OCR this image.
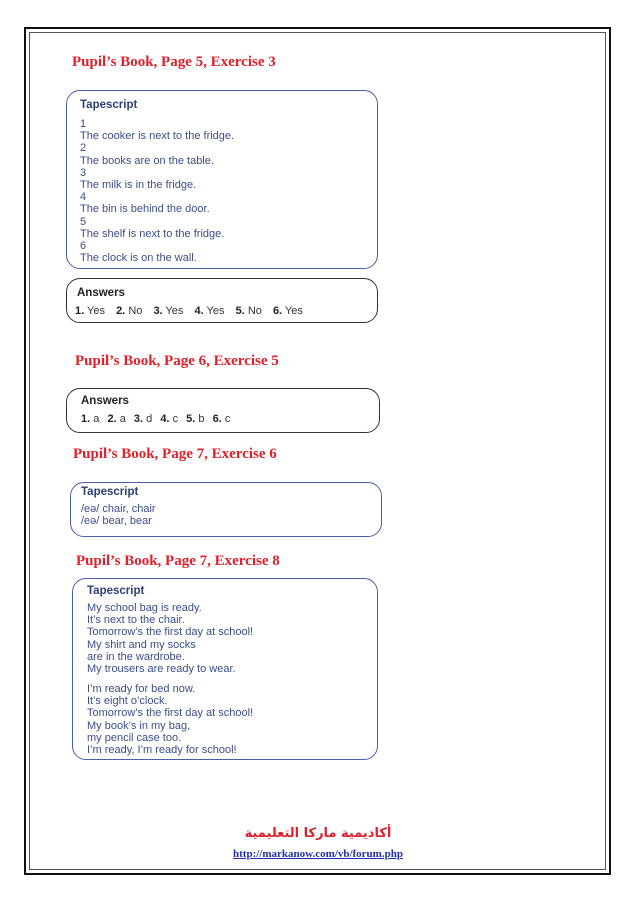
Pupil’s Book, Page 5, Exercise 3
Tapescript
1
The cooker is next to the fridge.
2
The books are on the table.
3
The milk is in the fridge.
4
The bin is behind the door.
5
The shelf is next to the fridge.
6
The clock is on the wall.
Answers
1. Yes 2. No 3. Yes 4. Yes 5. No 6. Yes
Pupil’s Book, Page 6, Exercise 5
Answers
1. a 2. a 3. d 4. c 5. b 6. c
Pupil’s Book, Page 7, Exercise 6
Tapescript
/eə/ chair, chair
/eə/ bear, bear
Pupil’s Book, Page 7, Exercise 8
Tapescript
My school bag is ready.
It’s next to the chair.
Tomorrow’s the first day at school!
My shirt and my socks
are in the wardrobe.
My trousers are ready to wear.
I’m ready for bed now.
It’s eight o’clock.
Tomorrow’s the first day at school!
My book’s in my bag,
my pencil case too.
I’m ready, I’m ready for school!
أكاديمية ماركا التعليمية
http://markanow.com/vb/forum.php
